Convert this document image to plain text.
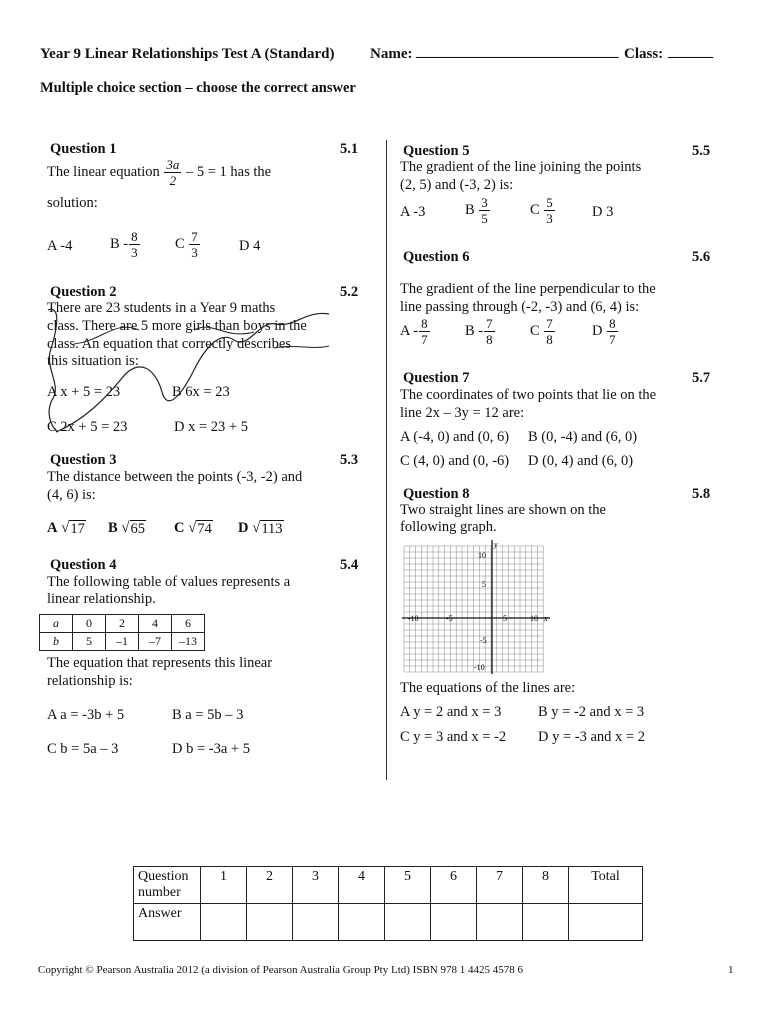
Year 9 Linear Relationships Test A (Standard) Name: ___________________________ Class: ______
Multiple choice section – choose the correct answer
Question 1	5.1
The linear equation $\frac{3a}{2} - 5 = 1$ has the
solution:
A -4	B - $\frac{8}{3}$ C $\frac{7}{3}$	D 4
Question 2	5.2
There are 23 students in a Year 9 maths
class. There are 5 more girls than boys in the
class. An equation that correctly describes
this situation is:
A x + 5 = 23	B 6x = 23
C 2x + 5 = 23	D x = 23 + 5
Question 3	5.3
The distance between the points (-3, -2) and
(4, 6) is:
A √ 17 B √ 65 C √ 74 D √ 113
Question 4	5.4
The following table of values represents a
linear relationship.
a	0	2	4	6
b	5	–1	–7	–13
The equation that represents this linear
relationship is:
A a = -3b + 5	B a = 5b – 3
C b = 5a – 3	D b = -3a + 5
Question 5	5.5
The gradient of the line joining the points
(2, 5) and (-3, 2) is:
A -3	B $\frac{3}{5}$	C $\frac{5}{3}$	D 3
Question 6	5.6
The gradient of the line perpendicular to the
line passing through (-2, -3) and (6, 4) is:
A - $\frac{8}{7}$ B - $\frac{7}{8}$ C $\frac{7}{8}$	D $\frac{8}{7}$
Question 7	5.7
The coordinates of two points that lie on the
line 2x – 3y = 12 are:
A (-4, 0) and (0, 6) B (0, -4) and (6, 0)
C (4, 0) and (0, -6) D (0, 4) and (6, 0)
Question 8	5.8
Two straight lines are shown on the
following graph.
y
x
-10	-5	5	10
10
5
-5
-10
The equations of the lines are:
A y = 2 and x = 3	B y = -2 and x = 3
C y = 3 and x = -2 D y = -3 and x = 2
Question number	1	2	3	4	5	6	7	8	Total
Answer									
Copyright © Pearson Australia 2012 (a division of Pearson Australia Group Pty Ltd) ISBN 978 1 4425 4578 6	1
